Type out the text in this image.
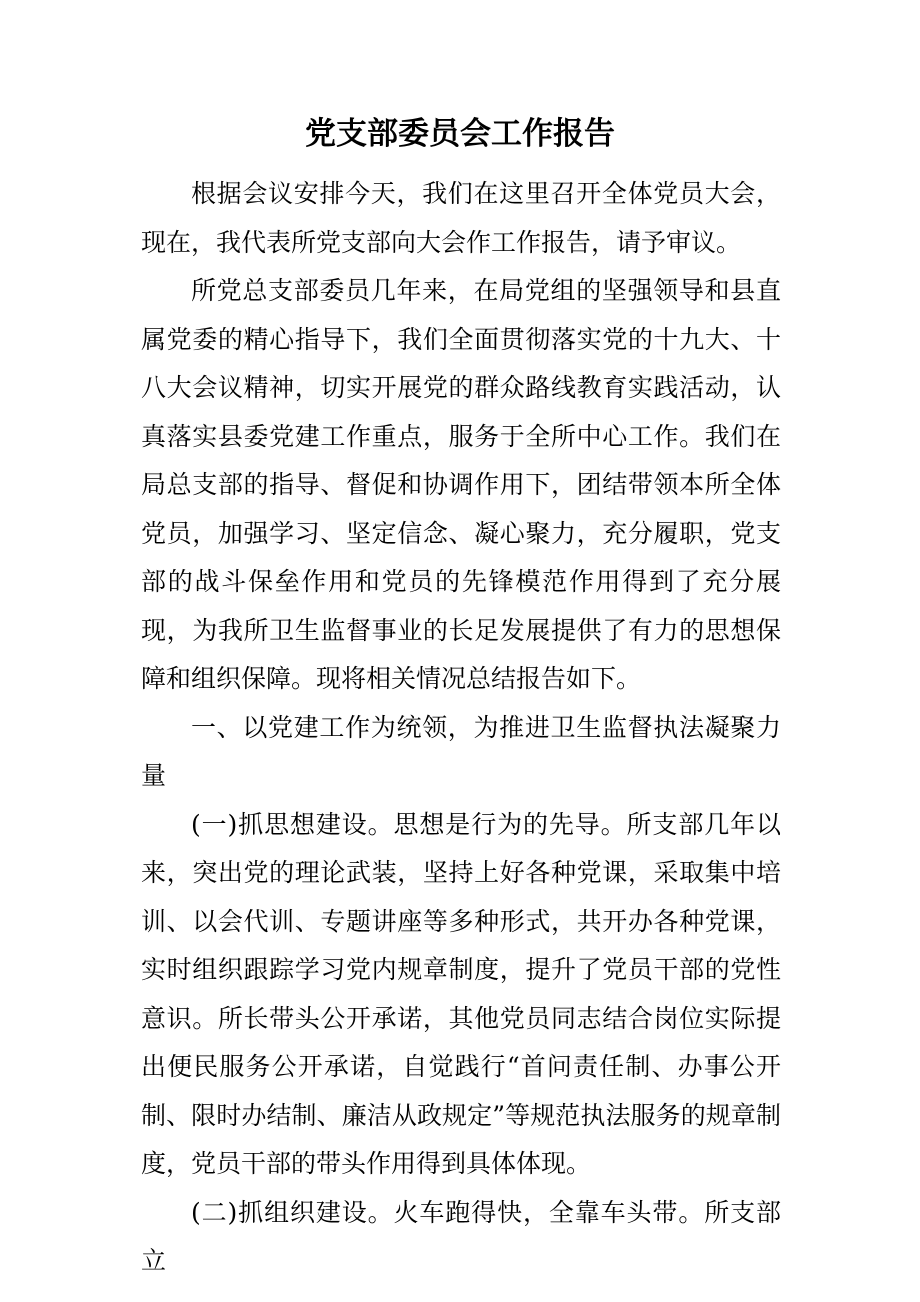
党支部委员会工作报告

根据会议安排今天，我们在这里召开全体党员大会，现在，我代表所党支部向大会作工作报告，请予审议。

所党总支部委员几年来，在局党组的坚强领导和县直属党委的精心指导下，我们全面贯彻落实党的十九大、十八大会议精神，切实开展党的群众路线教育实践活动，认真落实县委党建工作重点，服务于全所中心工作。我们在局总支部的指导、督促和协调作用下，团结带领本所全体党员，加强学习、坚定信念、凝心聚力，充分履职，党支部的战斗保垒作用和党员的先锋模范作用得到了充分展现，为我所卫生监督事业的长足发展提供了有力的思想保障和组织保障。现将相关情况总结报告如下。

一、以党建工作为统领，为推进卫生监督执法凝聚力量

(一)抓思想建设。思想是行为的先导。所支部几年以来，突出党的理论武装，坚持上好各种党课，采取集中培训、以会代训、专题讲座等多种形式，共开办各种党课，实时组织跟踪学习党内规章制度，提升了党员干部的党性意识。所长带头公开承诺，其他党员同志结合岗位实际提出便民服务公开承诺，自觉践行“首问责任制、办事公开制、限时办结制、廉洁从政规定”等规范执法服务的规章制度，党员干部的带头作用得到具体体现。

(二)抓组织建设。火车跑得快，全靠车头带。所支部立
